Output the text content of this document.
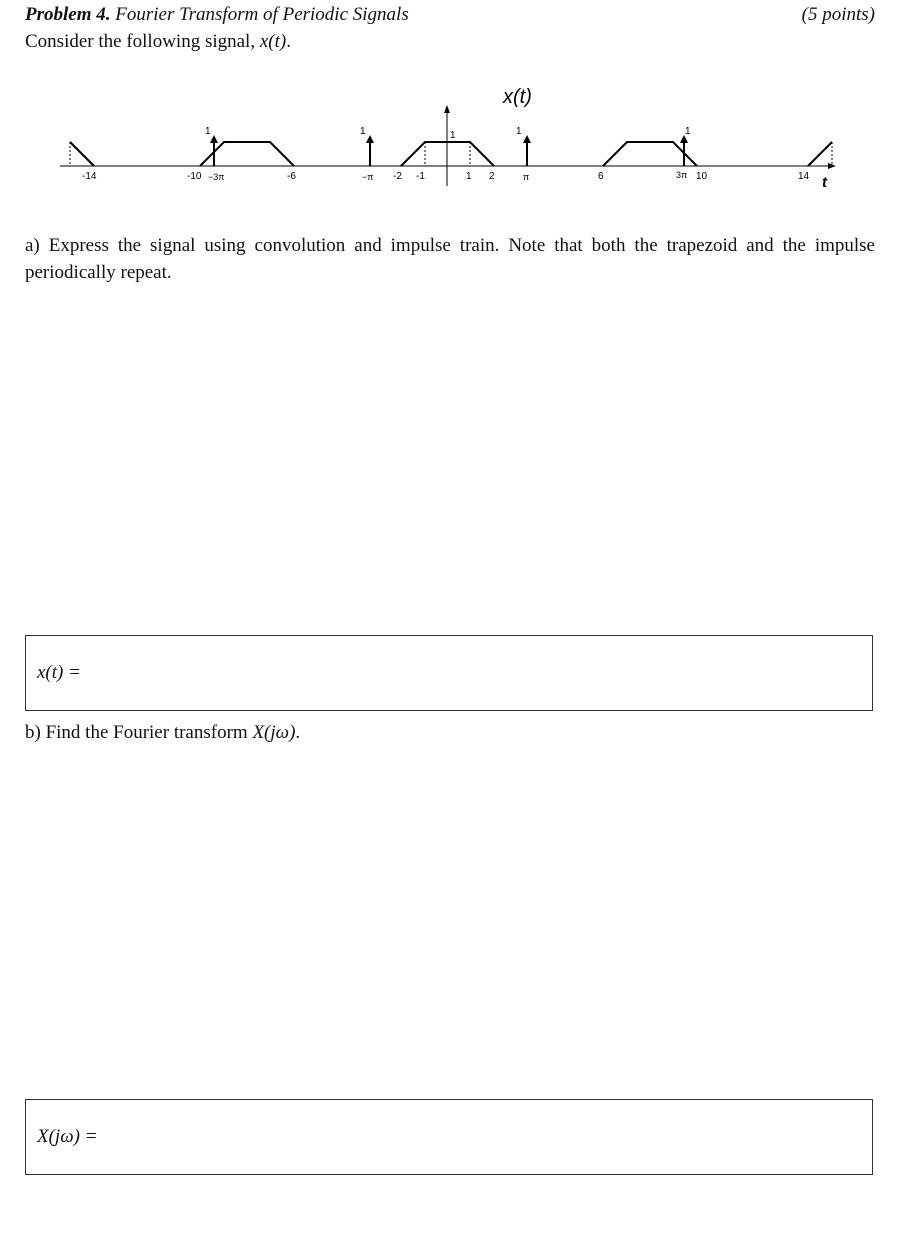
Problem 4. Fourier Transform of Periodic Signals	(5 points)
Consider the following signal, x(t).
x(t)
t
1	1	1	1
1
-14	-10 −3π	-6	−π -2 -1	1 2	π	6	3π 10	14
a) Express the signal using convolution and impulse train. Note that both the trapezoid and the impulse periodically repeat.
x(t) =
b) Find the Fourier transform X(jω).
X(jω) =
